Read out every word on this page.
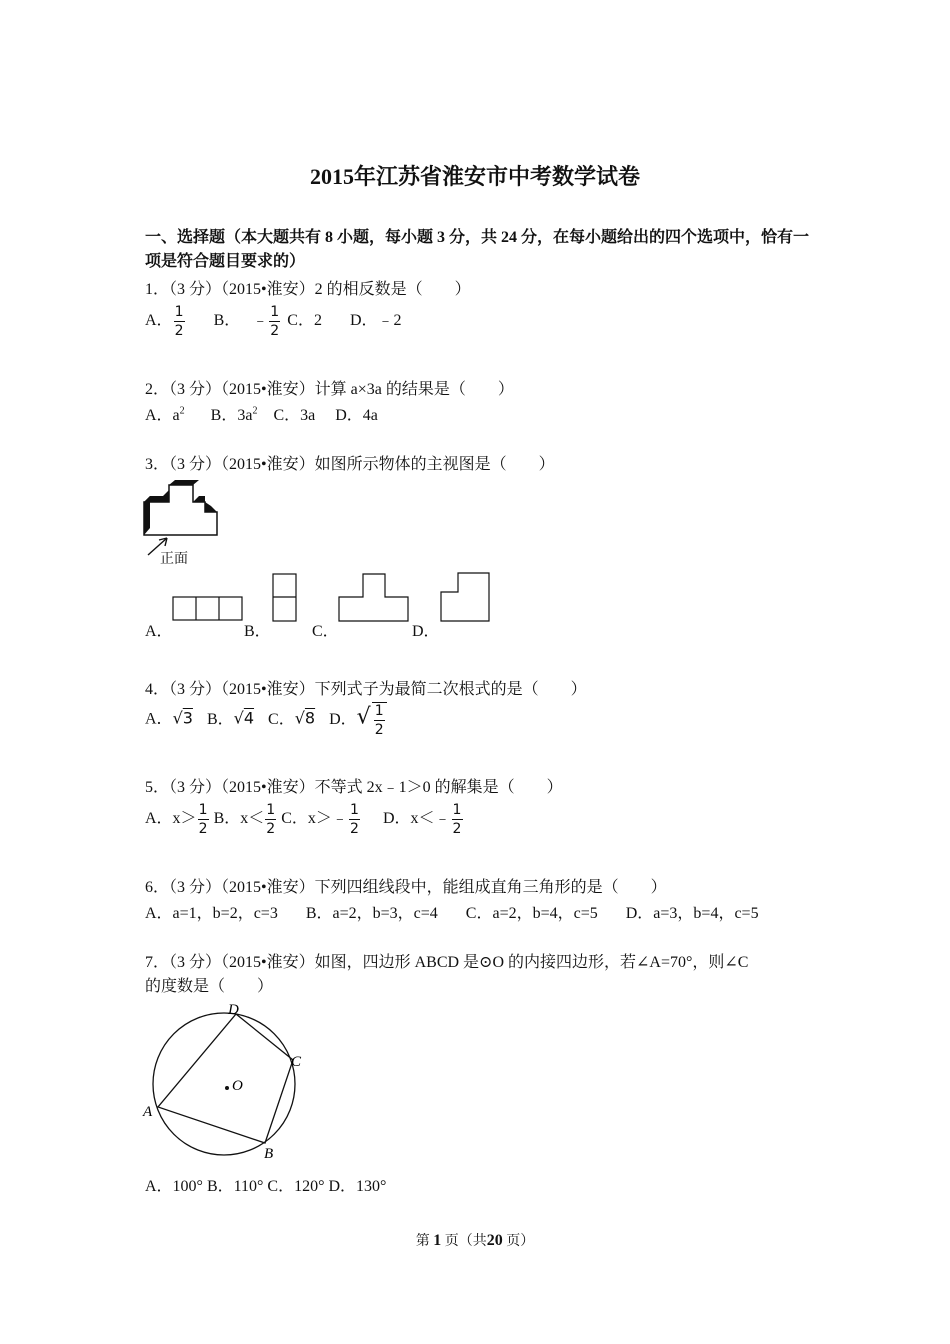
2015年江苏省淮安市中考数学试卷
一、选择题（本大题共有 8 小题，每小题 3 分，共 24 分，在每小题给出的四个选项中，恰有一项是符合题目要求的）
1．（3 分）（2015•淮安）2 的相反数是（　　）
A． $\frac{1}{2}$ B． ﹣ $\frac{1}{2}$ C．2 D．﹣2
2．（3 分）（2015•淮安）计算 a×3a 的结果是（　　）
A．$a^2$ B．$3a^2$ C．3a D．4a
3．（3 分）（2015•淮安）如图所示物体的主视图是（　　）
正面
A．	B．	C．	D．
4．（3 分）（2015•淮安）下列式子为最简二次根式的是（　　）
A．√3 B．√4 C．√8 D．√ $\frac{1}{2}$
5．（3 分）（2015•淮安）不等式 2x﹣1＞0 的解集是（　　）
A．$x> \frac{1}{2}$ B．$x< \frac{1}{2}$ C．x＞﹣ $\frac{1}{2}$ D．x＜﹣ $\frac{1}{2}$
6．（3 分）（2015•淮安）下列四组线段中，能组成直角三角形的是（　　）
A．a=1，b=2，c=3 B．a=2，b=3，c=4 C．a=2，b=4，c=5 D．a=3，b=4，c=5
7．（3 分）（2015•淮安）如图，四边形 ABCD 是⊙O 的内接四边形，若∠A=70°，则∠C
的度数是（　　）
O
D
C
A
B
A．100° B．110° C．120° D．130°
第 1 页（共20 页）
